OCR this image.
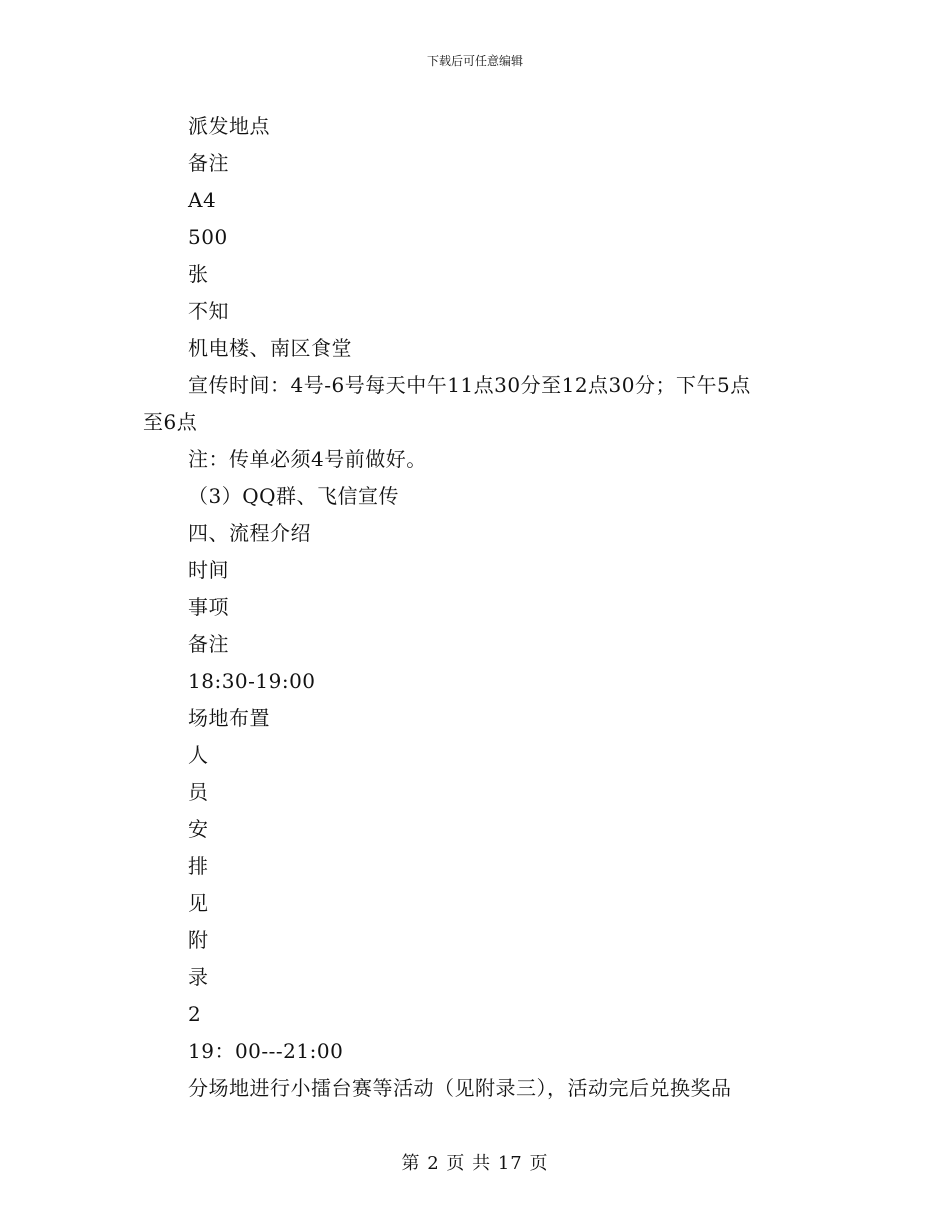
下载后可任意编辑
派发地点
备注
A4
500
张
不知
机电楼、南区食堂
宣传时间：4号-6号每天中午11点30分至12点30分；下午5点
至6点
注：传单必须4号前做好。
（3）QQ群、飞信宣传
四、流程介绍
时间
事项
备注
18:30-19:00
场地布置
人
员
安
排
见
附
录
2
19：00---21:00
分场地进行小擂台赛等活动（见附录三），活动完后兑换奖品
第 2 页 共 17 页
